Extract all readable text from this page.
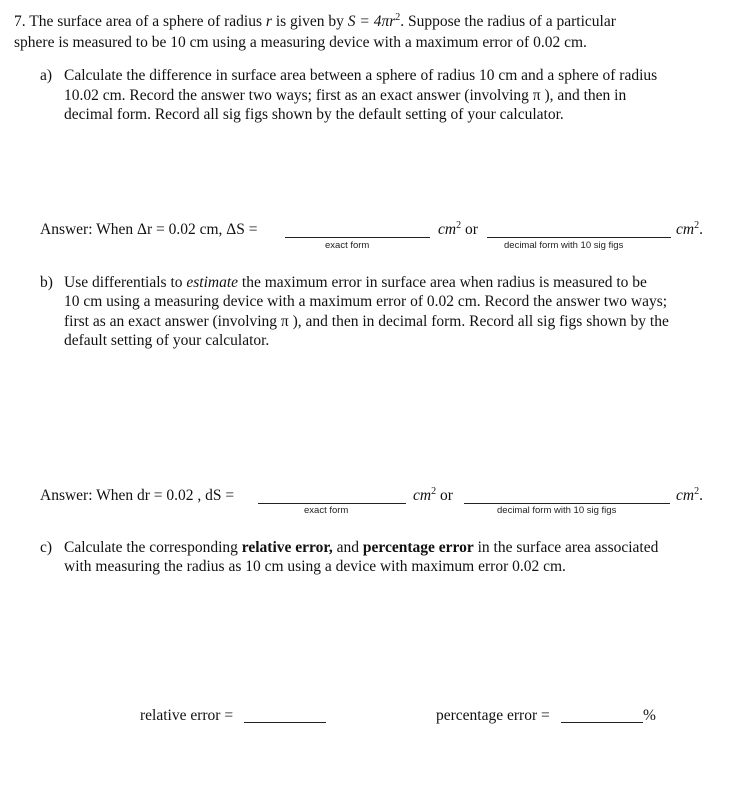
7. The surface area of a sphere of radius r is given by $S = 4\pi r^2$. Suppose the radius of a particular
sphere is measured to be 10 cm using a measuring device with a maximum error of 0.02 cm.
a) Calculate the difference in surface area between a sphere of radius 10 cm and a sphere of radius
10.02 cm. Record the answer two ways; first as an exact answer (involving π ), and then in
decimal form. Record all sig figs shown by the default setting of your calculator.
Answer: When Δr = 0.02 cm, ΔS =
exact form
$cm^2$ or
decimal form with 10 sig figs
$cm^2$.
b) Use differentials to estimate the maximum error in surface area when radius is measured to be
10 cm using a measuring device with a maximum error of 0.02 cm. Record the answer two ways;
first as an exact answer (involving π ), and then in decimal form. Record all sig figs shown by the
default setting of your calculator.
Answer: When dr = 0.02 , dS =
exact form
$cm^2$ or
decimal form with 10 sig figs
$cm^2$.
c) Calculate the corresponding relative error, and percentage error in the surface area associated
with measuring the radius as 10 cm using a device with maximum error 0.02 cm.
relative error =	percentage error =	%
